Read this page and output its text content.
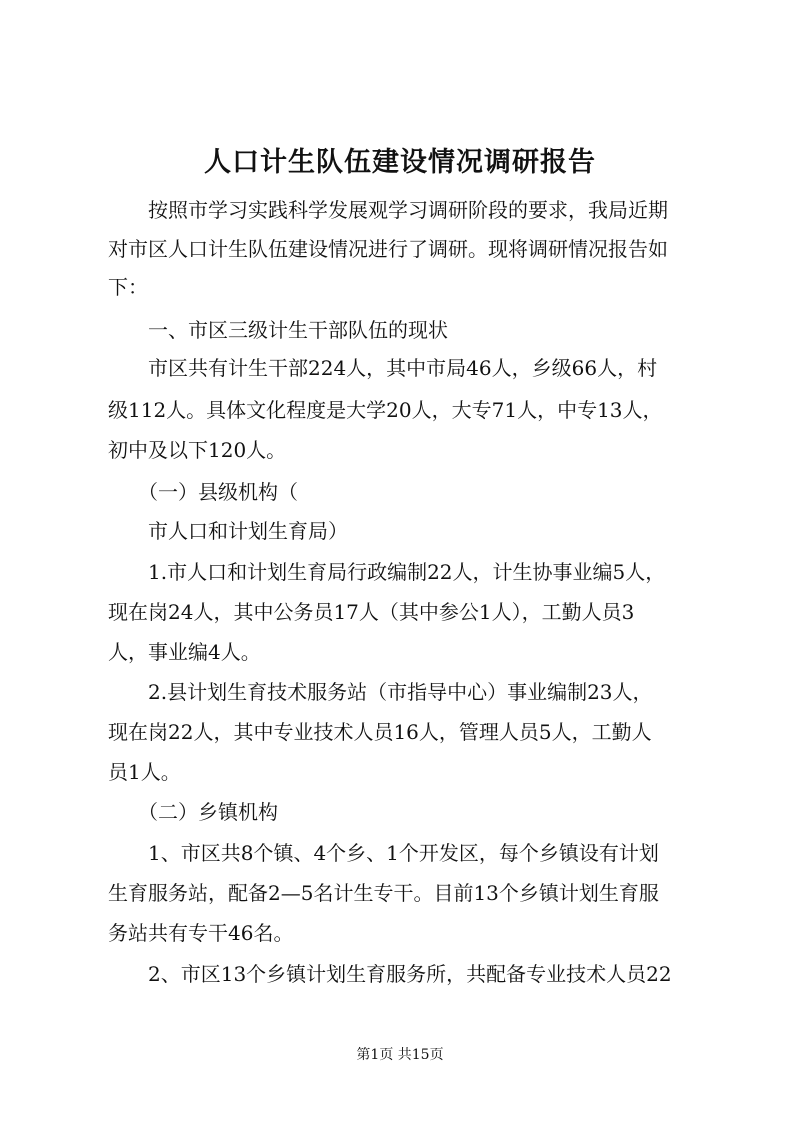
人口计生队伍建设情况调研报告
　　按照市学习实践科学发展观学习调研阶段的要求，我局近期
对市区人口计生队伍建设情况进行了调研。现将调研情况报告如
下：
　　一、市区三级计生干部队伍的现状
　　市区共有计生干部224人，其中市局46人，乡级66人，村
级112人。具体文化程度是大学20人，大专71人，中专13人，
初中及以下120人。
　　（一）县级机构（
　　市人口和计划生育局）
　　1.市人口和计划生育局行政编制22人，计生协事业编5人，
现在岗24人，其中公务员17人（其中参公1人），工勤人员3
人，事业编4人。
　　2.县计划生育技术服务站（市指导中心）事业编制23人，
现在岗22人，其中专业技术人员16人，管理人员5人，工勤人
员1人。
　　（二）乡镇机构
　　1、市区共8个镇、4个乡、1个开发区，每个乡镇设有计划
生育服务站，配备2—5名计生专干。目前13个乡镇计划生育服
务站共有专干46名。
　　2、市区13个乡镇计划生育服务所，共配备专业技术人员22
第1页 共15页
